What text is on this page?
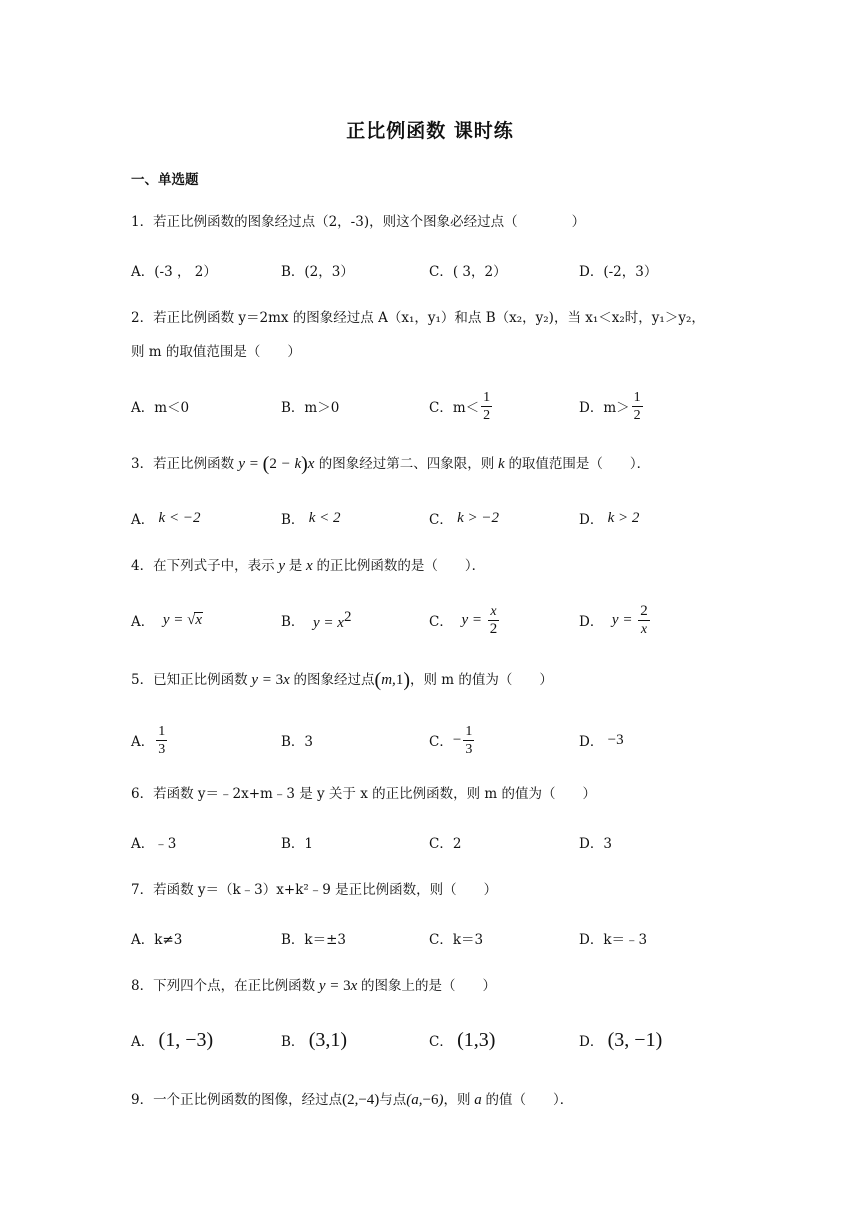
正比例函数 课时练
一、单选题
1．若正比例函数的图象经过点（2，-3)，则这个图象必经过点（　　　　）
A．(-3 ， 2）	B．(2，3）	C．( 3，2）	D．(-2，3）
2．若正比例函数 y＝2mx 的图象经过点 A（x₁，y₁）和点 B（x₂，y₂)，当 x₁＜x₂时，y₁＞y₂，
则 m 的取值范围是（　　）
A．m＜0	B．m＞0	C．$m< \frac{1}{2}$	D．$m> \frac{1}{2}$
3．若正比例函数 y = (2 − k)x 的图象经过第二、四象限，则 k 的取值范围是（　　）．
A．
k < −2	B．
k < 2	C．
k > −2	D．
k > 2
4．在下列式子中，表示 y 是 x 的正比例函数的是（　　）．
A．
y = √x	B．
$y = x^2$	C．
$y = \frac{x}{2}$	D．
$y = \frac{2}{x}$
5．已知正比例函数 y = 3x 的图象经过点(m,1)，则 m 的值为（　　）
A． $\frac{1}{3}$	B．3	C． − $\frac{1}{3}$	D．
−3
6．若函数 y＝﹣2x+m﹣3 是 y 关于 x 的正比例函数，则 m 的值为（　　）
A．﹣3	B．1	C．2	D．3
7．若函数 y＝（k﹣3）x+k²﹣9 是正比例函数，则（　　）
A．k≠3	B．k＝±3	C．k＝3	D．k＝﹣3
8．下列四个点，在正比例函数 y = 3x 的图象上的是（　　）
A．
(1, −3)	B．
(3,1)	C．
(1,3)	D．
(3, −1)
9．一个正比例函数的图像，经过点(2,−4)与点(a,−6)，则 a 的值（　　）．
